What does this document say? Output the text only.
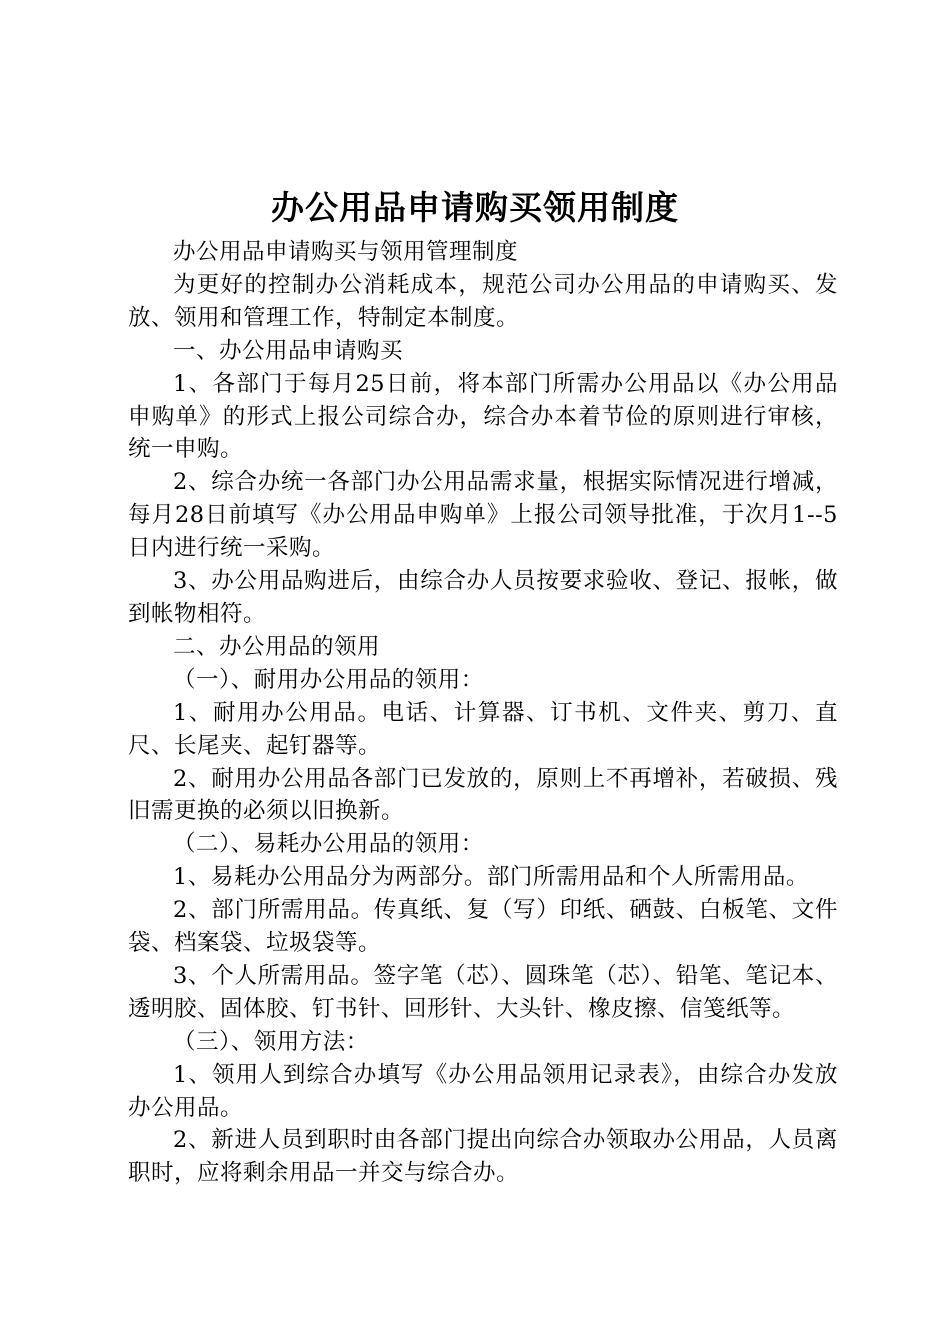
办公用品申请购买领用制度

办公用品申请购买与领用管理制度

为更好的控制办公消耗成本，规范公司办公用品的申请购买、发放、领用和管理工作，特制定本制度。

一、办公用品申请购买

1、各部门于每月25日前，将本部门所需办公用品以《办公用品申购单》的形式上报公司综合办，综合办本着节俭的原则进行审核，统一申购。

2、综合办统一各部门办公用品需求量，根据实际情况进行增减，每月28日前填写《办公用品申购单》上报公司领导批准，于次月1--5日内进行统一采购。

3、办公用品购进后，由综合办人员按要求验收、登记、报帐，做到帐物相符。

二、办公用品的领用

（一）、耐用办公用品的领用：

1、耐用办公用品。电话、计算器、订书机、文件夹、剪刀、直尺、长尾夹、起钉器等。

2、耐用办公用品各部门已发放的，原则上不再增补，若破损、残旧需更换的必须以旧换新。

（二）、易耗办公用品的领用：

1、易耗办公用品分为两部分。部门所需用品和个人所需用品。

2、部门所需用品。传真纸、复（写）印纸、硒鼓、白板笔、文件袋、档案袋、垃圾袋等。

3、个人所需用品。签字笔（芯）、圆珠笔（芯）、铅笔、笔记本、透明胶、固体胶、钉书针、回形针、大头针、橡皮擦、信笺纸等。

（三）、领用方法：

1、领用人到综合办填写《办公用品领用记录表》，由综合办发放办公用品。

2、新进人员到职时由各部门提出向综合办领取办公用品，人员离职时，应将剩余用品一并交与综合办。
